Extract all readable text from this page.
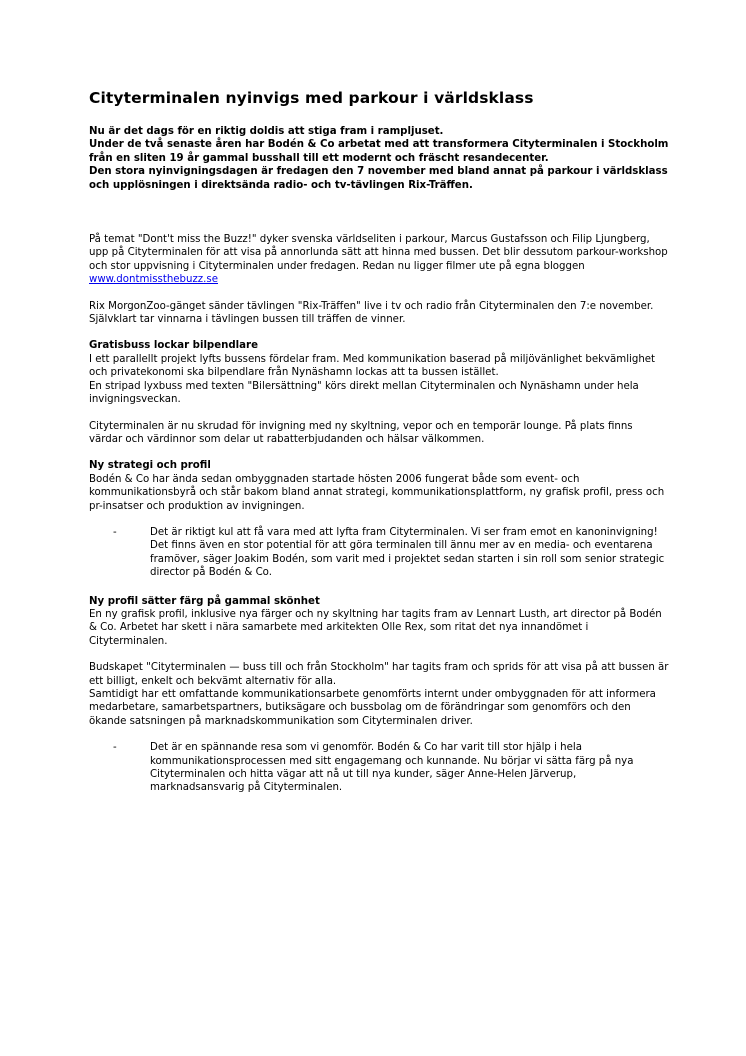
Cityterminalen nyinvigs med parkour i världsklass
Nu är det dags för en riktig doldis att stiga fram i rampljuset.
Under de två senaste åren har Bodén & Co arbetat med att transformera Cityterminalen i Stockholm från en sliten 19 år gammal busshall till ett modernt och fräscht resandecenter.
Den stora nyinvigningsdagen är fredagen den 7 november med bland annat på parkour i världsklass och upplösningen i direktsända radio- och tv-tävlingen Rix-Träffen.

På temat "Dont't miss the Buzz!" dyker svenska världseliten i parkour, Marcus Gustafsson och Filip Ljungberg, upp på Cityterminalen för att visa på annorlunda sätt att hinna med bussen. Det blir dessutom parkour-workshop och stor uppvisning i Cityterminalen under fredagen. Redan nu ligger filmer ute på egna bloggen www.dontmissthebuzz.se

Rix MorgonZoo-gänget sänder tävlingen "Rix-Träffen" live i tv och radio från Cityterminalen den 7:e november. Självklart tar vinnarna i tävlingen bussen till träffen de vinner.

Gratisbuss lockar bilpendlare
I ett parallellt projekt lyfts bussens fördelar fram. Med kommunikation baserad på miljövänlighet bekvämlighet och privatekonomi ska bilpendlare från Nynäshamn lockas att ta bussen istället.
En stripad lyxbuss med texten "Bilersättning" körs direkt mellan Cityterminalen och Nynäshamn under hela invigningsveckan.

Cityterminalen är nu skrudad för invigning med ny skyltning, vepor och en temporär lounge. På plats finns värdar och värdinnor som delar ut rabatterbjudanden och hälsar välkommen.

Ny strategi och profil
Bodén & Co har ända sedan ombyggnaden startade hösten 2006 fungerat både som event- och kommunikationsbyrå och står bakom bland annat strategi, kommunikationsplattform, ny grafisk profil, press och pr-insatser och produktion av invigningen.

-	Det är riktigt kul att få vara med att lyfta fram Cityterminalen. Vi ser fram emot en kanoninvigning! Det finns även en stor potential för att göra terminalen till ännu mer av en media- och eventarena framöver, säger Joakim Bodén, som varit med i projektet sedan starten i sin roll som senior strategic director på Bodén & Co.

Ny profil sätter färg på gammal skönhet
En ny grafisk profil, inklusive nya färger och ny skyltning har tagits fram av Lennart Lusth, art director på Bodén & Co. Arbetet har skett i nära samarbete med arkitekten Olle Rex, som ritat det nya innandömet i Cityterminalen.

Budskapet "Cityterminalen — buss till och från Stockholm" har tagits fram och sprids för att visa på att bussen är ett billigt, enkelt och bekvämt alternativ för alla.
Samtidigt har ett omfattande kommunikationsarbete genomförts internt under ombyggnaden för att informera medarbetare, samarbetspartners, butiksägare och bussbolag om de förändringar som genomförs och den ökande satsningen på marknadskommunikation som Cityterminalen driver.

-	Det är en spännande resa som vi genomför. Bodén & Co har varit till stor hjälp i hela kommunikationsprocessen med sitt engagemang och kunnande. Nu börjar vi sätta färg på nya Cityterminalen och hitta vägar att nå ut till nya kunder, säger Anne-Helen Järverup, marknadsansvarig på Cityterminalen.
